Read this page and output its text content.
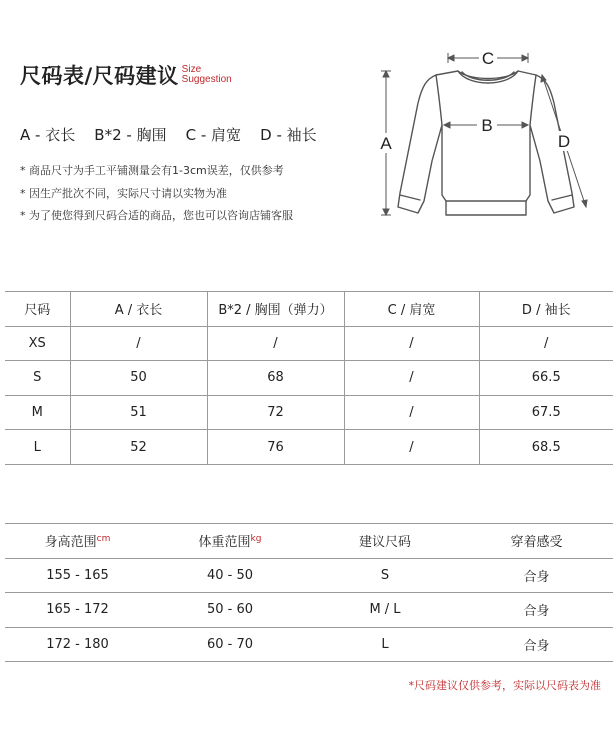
尺码表/尺码建议 Size
Suggestion
A - 衣长    B*2 - 胸围    C - 肩宽    D - 袖长
* 商品尺寸为手工平铺测量会有1-3cm误差，仅供参考
* 因生产批次不同，实际尺寸请以实物为准
* 为了使您得到尺码合适的商品，您也可以咨询店铺客服
C
B
A	D
尺码	A / 衣长	B*2 / 胸围（弹力）	C / 肩宽	D / 袖长
XS	/	/	/	/
S	50	68	/	66.5
M	51	72	/	67.5
L	52	76	/	68.5
身高范围$^{cm}$	体重范围$^{kg}$	建议尺码	穿着感受
155 - 165	40 - 50	S	合身
165 - 172	50 - 60	M / L	合身
172 - 180	60 - 70	L	合身
*尺码建议仅供参考，实际以尺码表为准
